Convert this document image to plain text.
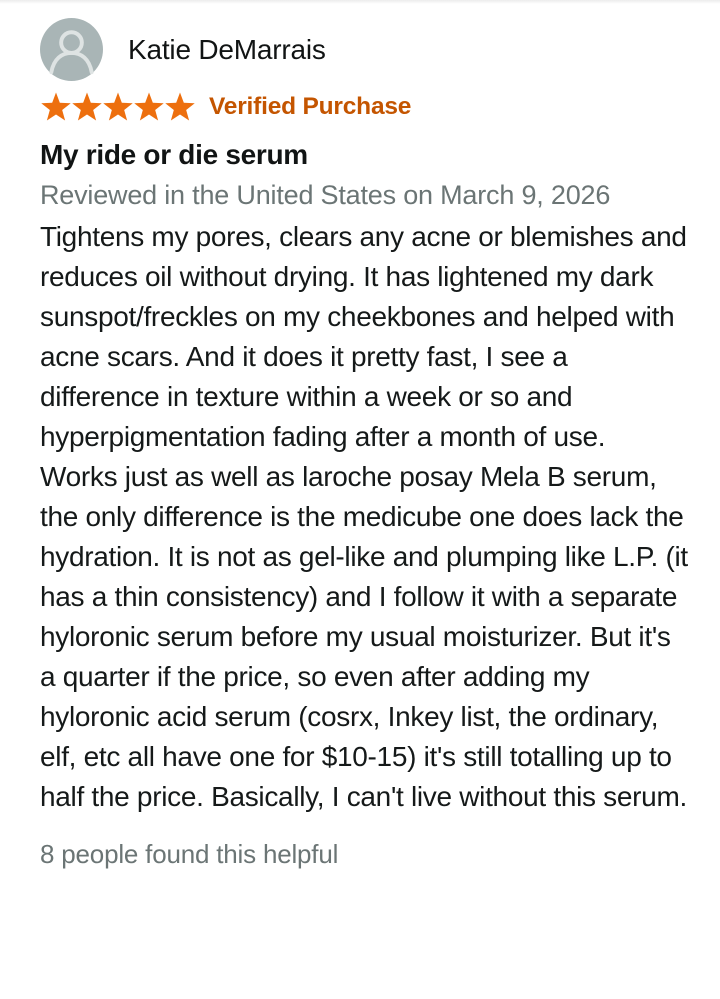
Katie DeMarrais
Verified Purchase
My ride or die serum
Reviewed in the United States on March 9, 2026
Tightens my pores, clears any acne or blemishes and reduces oil without drying. It has lightened my dark sunspot/freckles on my cheekbones and helped with acne scars. And it does it pretty fast, I see a difference in texture within a week or so and hyperpigmentation fading after a month of use. Works just as well as laroche posay Mela B serum, the only difference is the medicube one does lack the hydration. It is not as gel-like and plumping like L.P. (it has a thin consistency) and I follow it with a separate hyloronic serum before my usual moisturizer. But it's a quarter if the price, so even after adding my hyloronic acid serum (cosrx, Inkey list, the ordinary, elf, etc all have one for $10-15) it's still totalling up to half the price. Basically, I can't live without this serum.
8 people found this helpful
